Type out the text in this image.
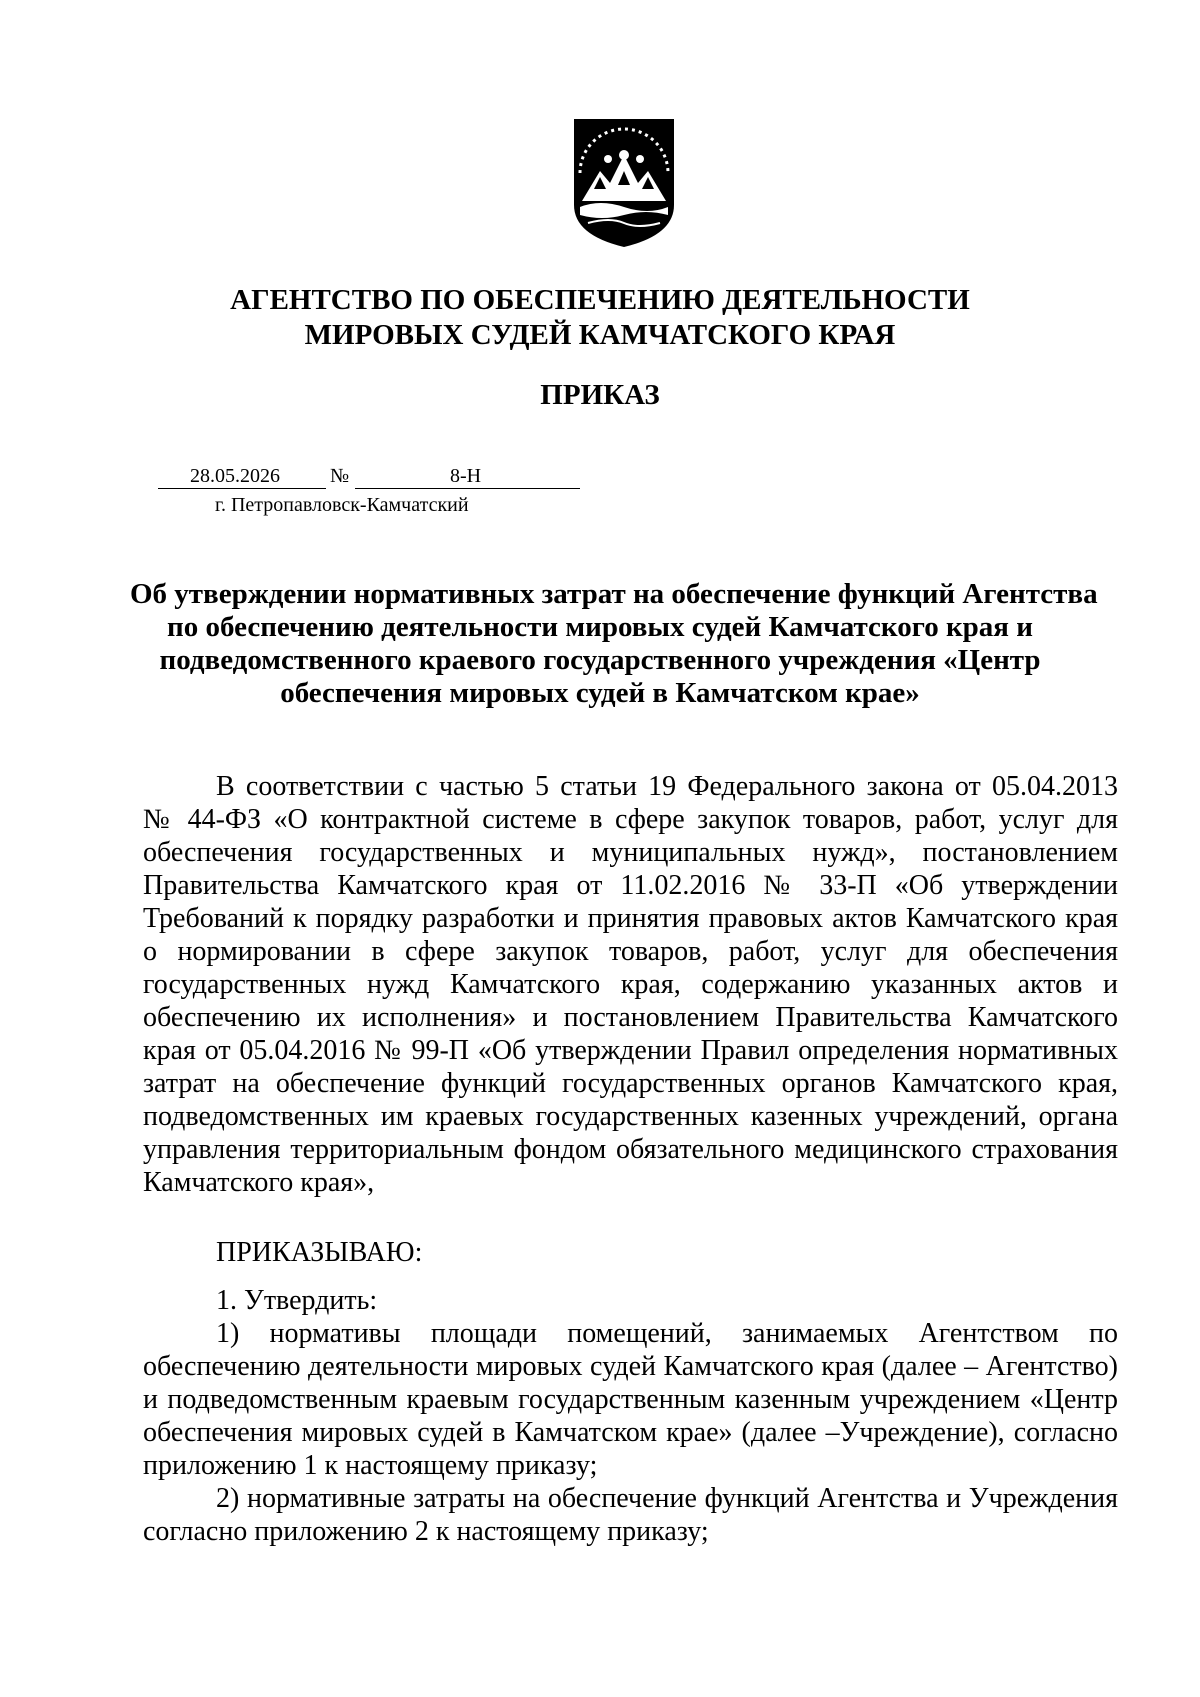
АГЕНТСТВО ПО ОБЕСПЕЧЕНИЮ ДЕЯТЕЛЬНОСТИ
МИРОВЫХ СУДЕЙ КАМЧАТСКОГО КРАЯ
ПРИКАЗ
28.05.2026	№	8-Н
г. Петропавловск-Камчатский
Об утверждении нормативных затрат на обеспечение функций Агентства
по обеспечению деятельности мировых судей Камчатского края и
подведомственного краевого государственного учреждения «Центр
обеспечения мировых судей в Камчатском крае»
В соответствии с частью 5 статьи 19 Федерального закона от 05.04.2013
№ 44-ФЗ «О контрактной системе в сфере закупок товаров, работ, услуг для
обеспечения государственных и муниципальных нужд», постановлением
Правительства Камчатского края от 11.02.2016 № 33-П «Об утверждении
Требований к порядку разработки и принятия правовых актов Камчатского края
о нормировании в сфере закупок товаров, работ, услуг для обеспечения
государственных нужд Камчатского края, содержанию указанных актов и
обеспечению их исполнения» и постановлением Правительства Камчатского
края от 05.04.2016 № 99-П «Об утверждении Правил определения нормативных
затрат на обеспечение функций государственных органов Камчатского края,
подведомственных им краевых государственных казенных учреждений, органа
управления территориальным фондом обязательного медицинского страхования
Камчатского края»,
ПРИКАЗЫВАЮ:
1. Утвердить:
1) нормативы площади помещений, занимаемых Агентством по
обеспечению деятельности мировых судей Камчатского края (далее – Агентство)
и подведомственным краевым государственным казенным учреждением «Центр
обеспечения мировых судей в Камчатском крае» (далее –Учреждение), согласно
приложению 1 к настоящему приказу;
2) нормативные затраты на обеспечение функций Агентства и Учреждения
согласно приложению 2 к настоящему приказу;
